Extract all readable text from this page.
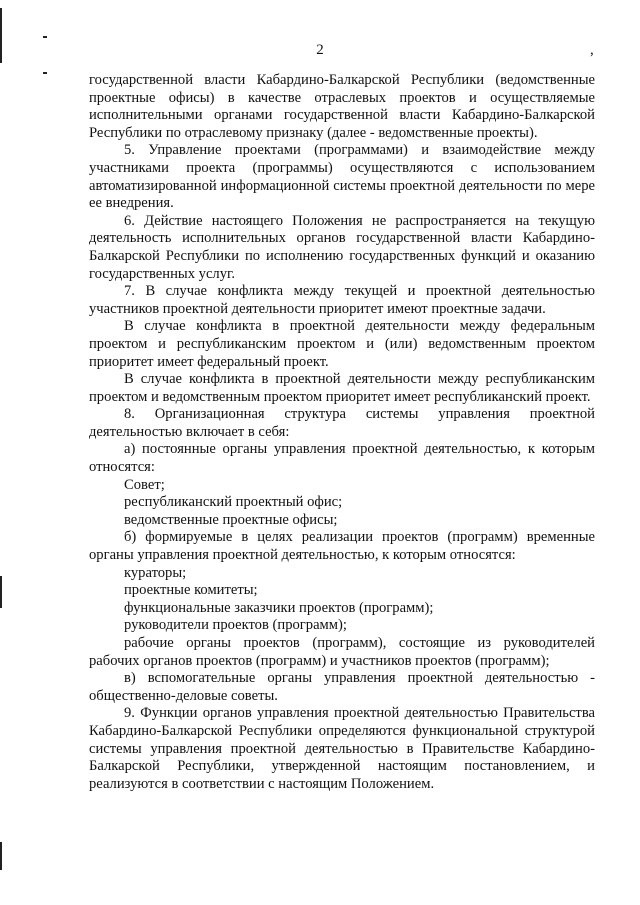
2	,

государственной власти Кабардино-Балкарской Республики (ведомственные проектные офисы) в качестве отраслевых проектов и осуществляемые исполнительными органами государственной власти Кабардино-Балкарской Республики по отраслевому признаку (далее - ведомственные проекты).

5. Управление проектами (программами) и взаимодействие между участниками проекта (программы) осуществляются с использованием автоматизированной информационной системы проектной деятельности по мере ее внедрения.

6. Действие настоящего Положения не распространяется на текущую деятельность исполнительных органов государственной власти Кабардино-Балкарской Республики по исполнению государственных функций и оказанию государственных услуг.

7. В случае конфликта между текущей и проектной деятельностью участников проектной деятельности приоритет имеют проектные задачи.

В случае конфликта в проектной деятельности между федеральным проектом и республиканским проектом и (или) ведомственным проектом приоритет имеет федеральный проект.

В случае конфликта в проектной деятельности между республиканским проектом и ведомственным проектом приоритет имеет республиканский проект.

8. Организационная структура системы управления проектной деятельностью включает в себя:

а) постоянные органы управления проектной деятельностью, к которым относятся:

Совет;

республиканский проектный офис;

ведомственные проектные офисы;

б) формируемые в целях реализации проектов (программ) временные органы управления проектной деятельностью, к которым относятся:

кураторы;

проектные комитеты;

функциональные заказчики проектов (программ);

руководители проектов (программ);

рабочие органы проектов (программ), состоящие из руководителей рабочих органов проектов (программ) и участников проектов (программ);

в) вспомогательные органы управления проектной деятельностью - общественно-деловые советы.

9. Функции органов управления проектной деятельностью Правительства Кабардино-Балкарской Республики определяются функциональной структурой системы управления проектной деятельностью в Правительстве Кабардино-Балкарской Республики, утвержденной настоящим постановлением, и реализуются в соответствии с настоящим Положением.
